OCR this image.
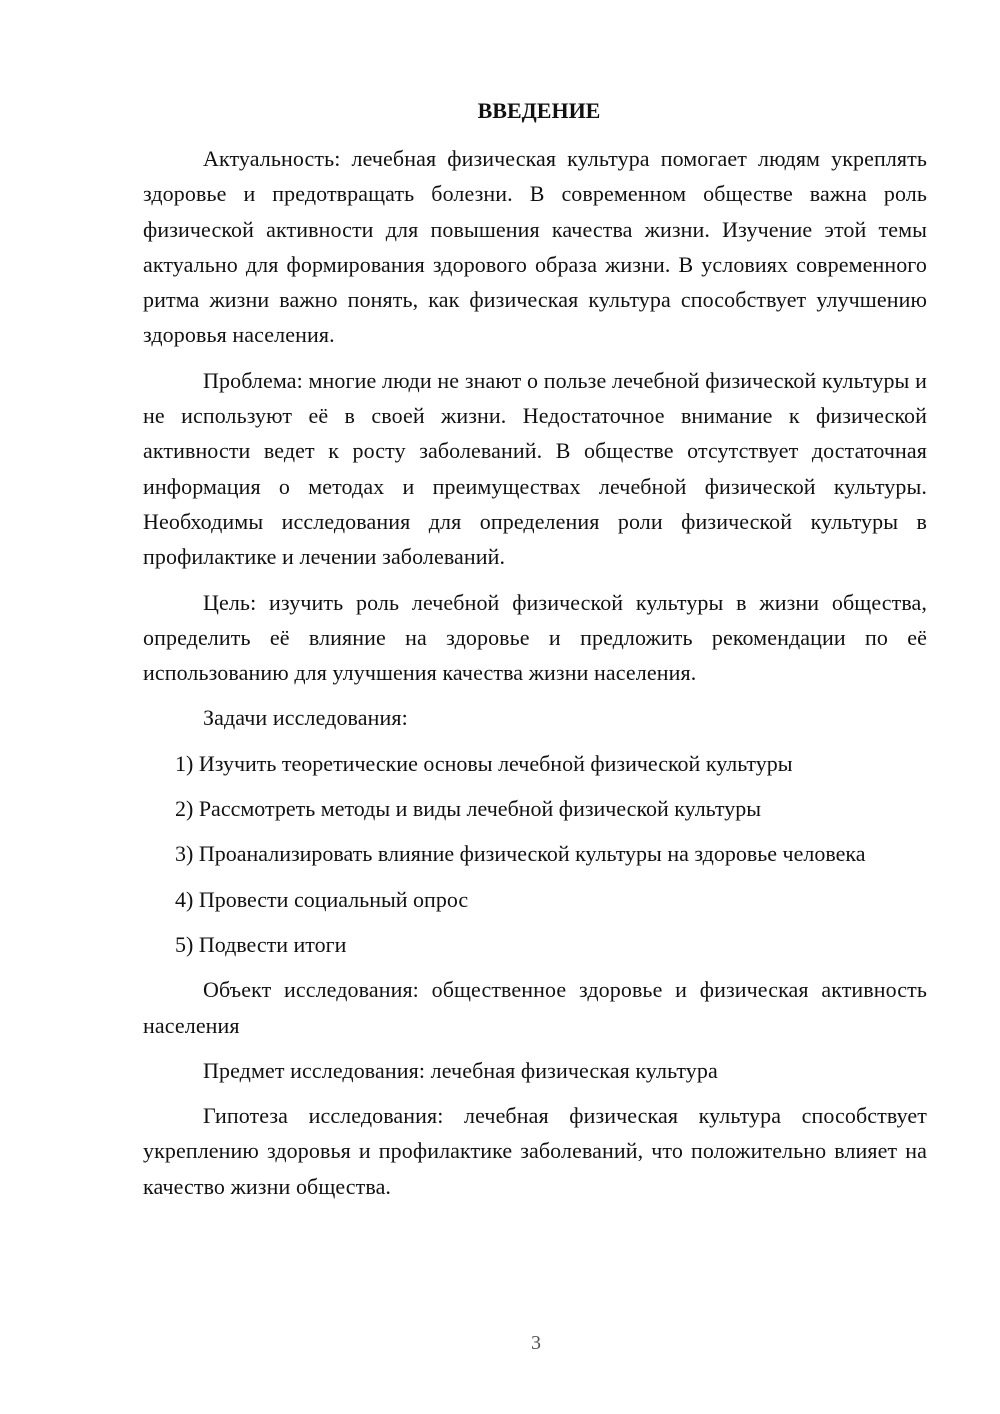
ВВЕДЕНИЕ

Актуальность: лечебная физическая культура помогает людям укреплять здоровье и предотвращать болезни. В современном обществе важна роль физической активности для повышения качества жизни. Изучение этой темы актуально для формирования здорового образа жизни. В условиях современного ритма жизни важно понять, как физическая культура способствует улучшению здоровья населения.

Проблема: многие люди не знают о пользе лечебной физической культуры и не используют её в своей жизни. Недостаточное внимание к физической активности ведет к росту заболеваний. В обществе отсутствует достаточная информация о методах и преимуществах лечебной физической культуры. Необходимы исследования для определения роли физической культуры в профилактике и лечении заболеваний.

Цель: изучить роль лечебной физической культуры в жизни общества, определить её влияние на здоровье и предложить рекомендации по её использованию для улучшения качества жизни населения.

Задачи исследования:

1) Изучить теоретические основы лечебной физической культуры

2) Рассмотреть методы и виды лечебной физической культуры

3) Проанализировать влияние физической культуры на здоровье человека

4) Провести социальный опрос

5) Подвести итоги

Объект исследования: общественное здоровье и физическая активность населения

Предмет исследования: лечебная физическая культура

Гипотеза исследования: лечебная физическая культура способствует укреплению здоровья и профилактике заболеваний, что положительно влияет на качество жизни общества.

3
